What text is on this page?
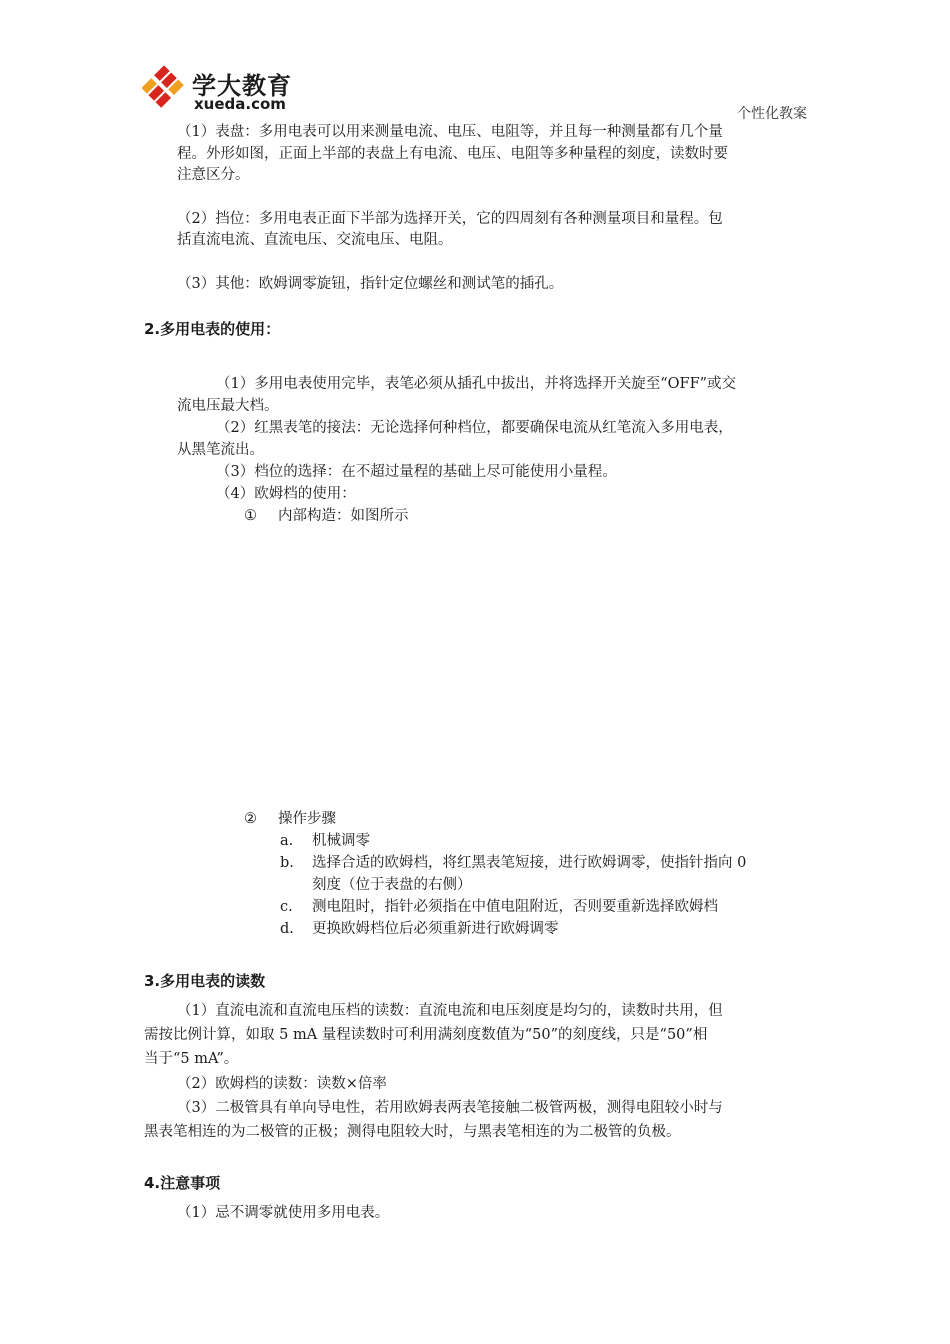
学大教育
xueda.com
个性化教案
（1）表盘：多用电表可以用来测量电流、电压、电阻等，并且每一种测量都有几个量
程。外形如图，正面上半部的表盘上有电流、电压、电阻等多种量程的刻度，读数时要
注意区分。
（2）挡位：多用电表正面下半部为选择开关，它的四周刻有各种测量项目和量程。包
括直流电流、直流电压、交流电压、电阻。
（3）其他：欧姆调零旋钮，指针定位螺丝和测试笔的插孔。
2.多用电表的使用：
（1）多用电表使用完毕，表笔必须从插孔中拔出，并将选择开关旋至“OFF”或交
流电压最大档。
（2）红黑表笔的接法：无论选择何种档位，都要确保电流从红笔流入多用电表，
从黑笔流出。
（3）档位的选择：在不超过量程的基础上尽可能使用小量程。
（4）欧姆档的使用：
① 内部构造：如图所示
② 操作步骤
a. 机械调零
b. 选择合适的欧姆档，将红黑表笔短接，进行欧姆调零，使指针指向 0
刻度（位于表盘的右侧）
c. 测电阻时，指针必须指在中值电阻附近，否则要重新选择欧姆档
d. 更换欧姆档位后必须重新进行欧姆调零
3.多用电表的读数
（1）直流电流和直流电压档的读数：直流电流和电压刻度是均匀的，读数时共用，但
需按比例计算，如取 5 mA 量程读数时可利用满刻度数值为“50”的刻度线，只是“50”相
当于“5 mA”。
（2）欧姆档的读数：读数×倍率
（3）二极管具有单向导电性，若用欧姆表两表笔接触二极管两极，测得电阻较小时与
黑表笔相连的为二极管的正极；测得电阻较大时，与黑表笔相连的为二极管的负极。
4.注意事项
（1）忌不调零就使用多用电表。
